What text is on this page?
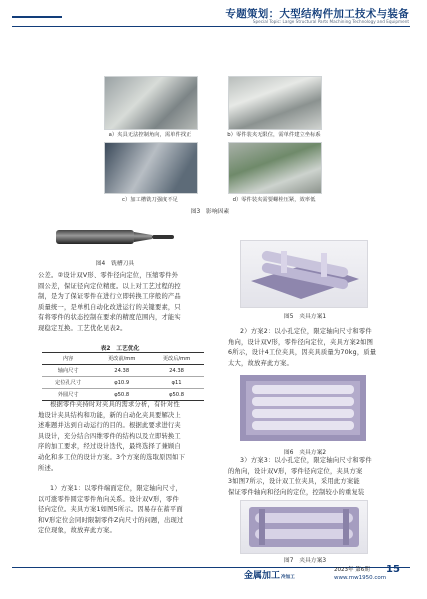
专题策划：大型结构件加工技术与装备
Special Topic: Large Structural Parts Machining Technology and Equipment
a）夹具无法控制角向，需单件找正	b）零件装夹无限位，需单件建立坐标系
c）加工槽铣刀强度不足	d）零件装夹需要螺栓压紧，效率低
图3　影响因素
图4　铣槽刀具
图5　夹具方案1
公差。②设计双V形、零件径向定位，压缩零件外
圆公差，保证径向定位精度。以上对工艺过程的控
制，是为了保证零件在进行立即转换工序般的产品
质量统一，是单机自动化改进运行的关键要素，只
有将零件的状态控制在要求的精度范围内，才能实
现稳定互换。工艺优化见表2。
表2　工艺优化
内容	更改前/mm	更改后/mm
轴向尺寸	24.38	24.38
定位孔尺寸	φ10.9	φ11
外圆尺寸	φ50.8	φ50.8
根据零件夹持时对夹具的需求分析，有针对性
地设计夹具结构和功能，新的自动化夹具要解决上
述难题并达到自动运行的目的。根据此要求进行夹
具设计，充分结合四维零件的结构以及立即转换工
序的加工要求，经过设计迭代，最终选择了兼顾自
动化和多工位的设计方案。3个方案的选取原因如下
所述。
1）方案1：以零件端面定位，限定轴向尺寸，
以可涨零件圆定零件角向关系。设计双V形，零件
径向定位。夹具方案1如图5所示。因易存在蓄平面
和V形定位会同时限制零件Z向尺寸的问题，出现过
定位现象，故放弃此方案。
2）方案2：以小孔定位，限定轴向尺寸和零件
角向，设计双V形，零件径向定位，夹具方案2如图
6所示，设计4工位夹具，因夹具质量为70kg，质量
太大，故放弃此方案。
图6　夹具方案2
3）方案3：以小孔定位，限定轴向尺寸和零件
的角向，设计双V形，零件径向定位，夹具方案
3如图7所示，设计双工位夹具，采用此方案能
保证零件轴向和径向的定位，控制较小的重复装
图7　夹具方案3
2023年 第6期
www.mw1950.com
金属加工冷加工
15
